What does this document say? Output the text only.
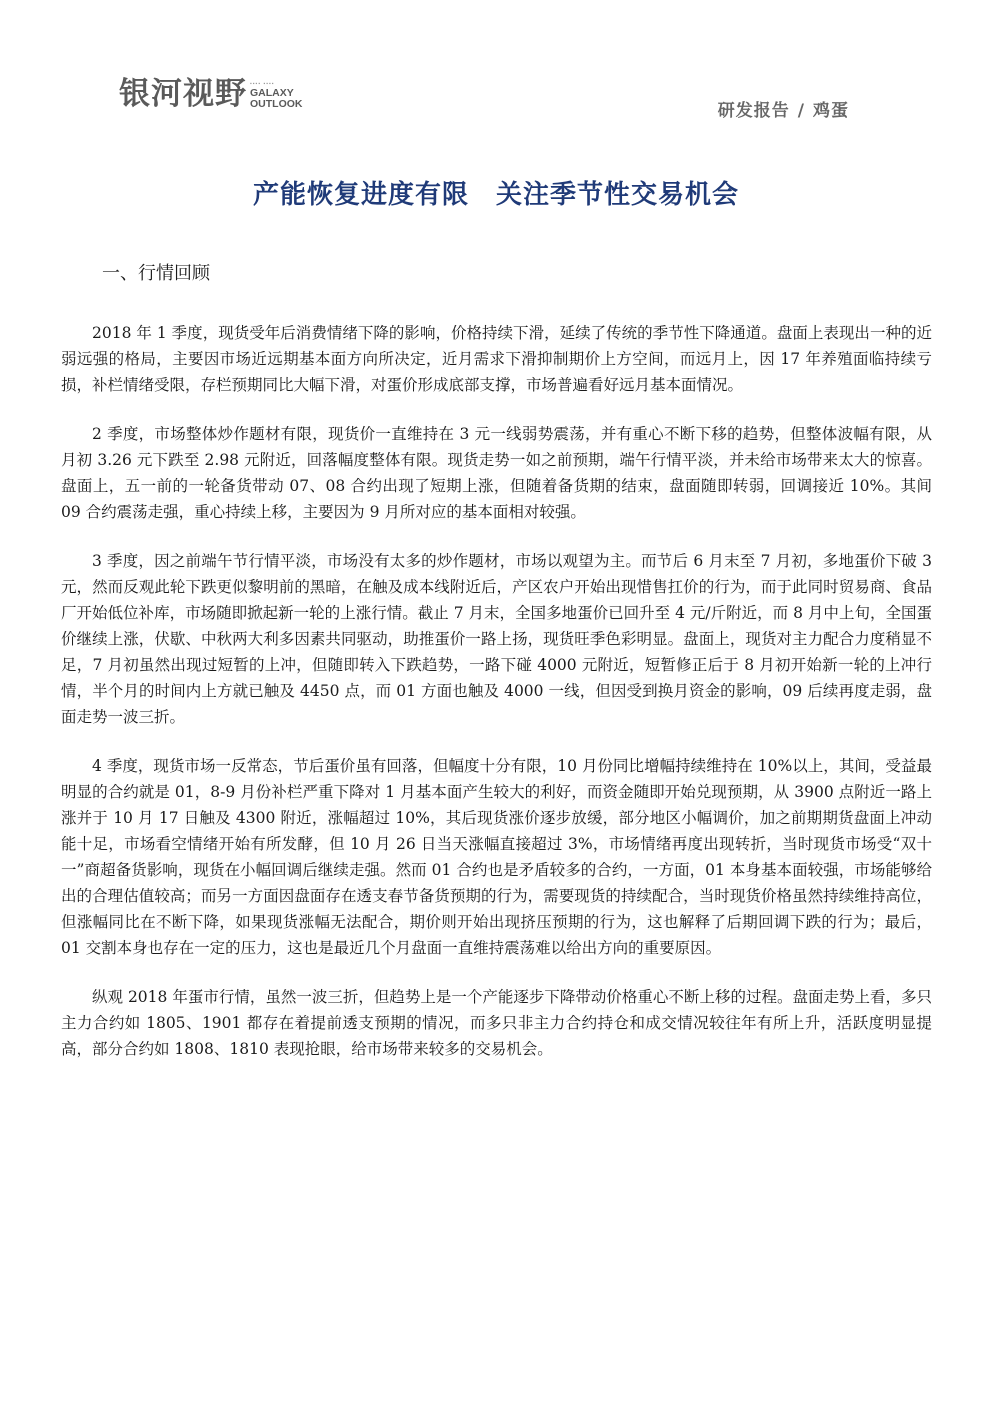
银河视野 ▪▪▪▪ ▪▪▪▪
GALAXY
OUTLOOK	研发报告 / 鸡蛋
产能恢复进度有限　关注季节性交易机会
一、行情回顾

2018 年 1 季度，现货受年后消费情绪下降的影响，价格持续下滑，延续了传统的季节性下降通道。盘面上表现出一种的近弱远强的格局，主要因市场近远期基本面方向所决定，近月需求下滑抑制期价上方空间，而远月上，因 17 年养殖面临持续亏损，补栏情绪受限，存栏预期同比大幅下滑，对蛋价形成底部支撑，市场普遍看好远月基本面情况。

2 季度，市场整体炒作题材有限，现货价一直维持在 3 元一线弱势震荡，并有重心不断下移的趋势，但整体波幅有限，从月初 3.26 元下跌至 2.98 元附近，回落幅度整体有限。现货走势一如之前预期，端午行情平淡，并未给市场带来太大的惊喜。盘面上，五一前的一轮备货带动 07、08 合约出现了短期上涨，但随着备货期的结束，盘面随即转弱，回调接近 10%。其间 09 合约震荡走强，重心持续上移，主要因为 9 月所对应的基本面相对较强。

3 季度，因之前端午节行情平淡，市场没有太多的炒作题材，市场以观望为主。而节后 6 月末至 7 月初，多地蛋价下破 3 元，然而反观此轮下跌更似黎明前的黑暗，在触及成本线附近后，产区农户开始出现惜售扛价的行为，而于此同时贸易商、食品厂开始低位补库，市场随即掀起新一轮的上涨行情。截止 7 月末，全国多地蛋价已回升至 4 元/斤附近，而 8 月中上旬，全国蛋价继续上涨，伏歇、中秋两大利多因素共同驱动，助推蛋价一路上扬，现货旺季色彩明显。盘面上，现货对主力配合力度稍显不足，7 月初虽然出现过短暂的上冲，但随即转入下跌趋势，一路下碰 4000 元附近，短暂修正后于 8 月初开始新一轮的上冲行情，半个月的时间内上方就已触及 4450 点，而 01 方面也触及 4000 一线，但因受到换月资金的影响，09 后续再度走弱，盘面走势一波三折。

4 季度，现货市场一反常态，节后蛋价虽有回落，但幅度十分有限，10 月份同比增幅持续维持在 10%以上，其间，受益最明显的合约就是 01，8-9 月份补栏严重下降对 1 月基本面产生较大的利好，而资金随即开始兑现预期，从 3900 点附近一路上涨并于 10 月 17 日触及 4300 附近，涨幅超过 10%，其后现货涨价逐步放缓，部分地区小幅调价，加之前期期货盘面上冲动能十足，市场看空情绪开始有所发酵，但 10 月 26 日当天涨幅直接超过 3%，市场情绪再度出现转折，当时现货市场受“双十一”商超备货影响，现货在小幅回调后继续走强。然而 01 合约也是矛盾较多的合约，一方面，01 本身基本面较强，市场能够给出的合理估值较高；而另一方面因盘面存在透支春节备货预期的行为，需要现货的持续配合，当时现货价格虽然持续维持高位，但涨幅同比在不断下降，如果现货涨幅无法配合，期价则开始出现挤压预期的行为，这也解释了后期回调下跌的行为；最后，01 交割本身也存在一定的压力，这也是最近几个月盘面一直维持震荡难以给出方向的重要原因。

纵观 2018 年蛋市行情，虽然一波三折，但趋势上是一个产能逐步下降带动价格重心不断上移的过程。盘面走势上看，多只主力合约如 1805、1901 都存在着提前透支预期的情况，而多只非主力合约持仓和成交情况较往年有所上升，活跃度明显提高，部分合约如 1808、1810 表现抢眼，给市场带来较多的交易机会。
